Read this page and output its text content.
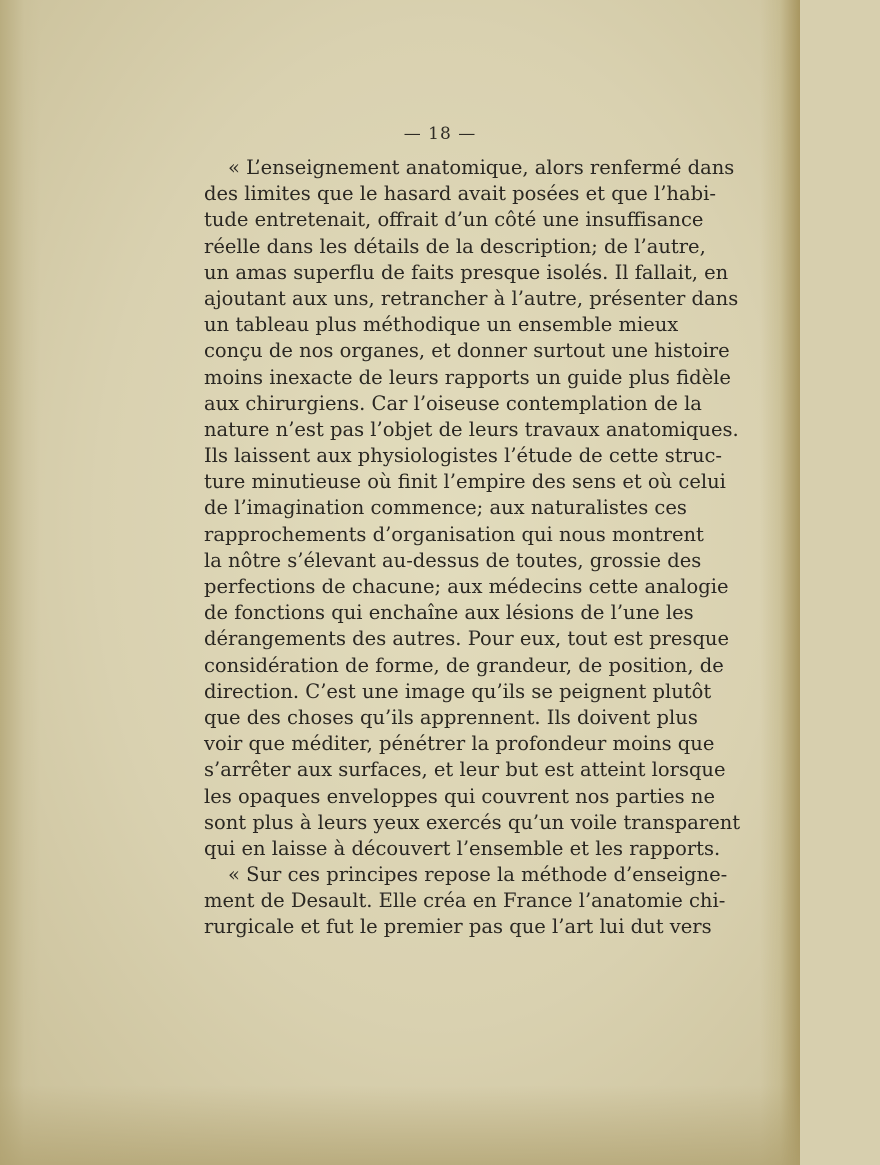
— 18 —

« L’enseignement anatomique, alors renfermé dans
des limites que le hasard avait posées et que l’habi-
tude entretenait, offrait d’un côté une insuffisance
réelle dans les détails de la description; de l’autre,
un amas superflu de faits presque isolés. Il fallait, en
ajoutant aux uns, retrancher à l’autre, présenter dans
un tableau plus méthodique un ensemble mieux
conçu de nos organes, et donner surtout une histoire
moins inexacte de leurs rapports un guide plus fidèle
aux chirurgiens. Car l’oiseuse contemplation de la
nature n’est pas l’objet de leurs travaux anatomiques.
Ils laissent aux physiologistes l’étude de cette struc-
ture minutieuse où finit l’empire des sens et où celui
de l’imagination commence; aux naturalistes ces
rapprochements d’organisation qui nous montrent
la nôtre s’élevant au-dessus de toutes, grossie des
perfections de chacune; aux médecins cette analogie
de fonctions qui enchaîne aux lésions de l’une les
dérangements des autres. Pour eux, tout est presque
considération de forme, de grandeur, de position, de
direction. C’est une image qu’ils se peignent plutôt
que des choses qu’ils apprennent. Ils doivent plus
voir que méditer, pénétrer la profondeur moins que
s’arrêter aux surfaces, et leur but est atteint lorsque
les opaques enveloppes qui couvrent nos parties ne
sont plus à leurs yeux exercés qu’un voile transparent
qui en laisse à découvert l’ensemble et les rapports.

« Sur ces principes repose la méthode d’enseigne-
ment de Desault. Elle créa en France l’anatomie chi-
rurgicale et fut le premier pas que l’art lui dut vers
